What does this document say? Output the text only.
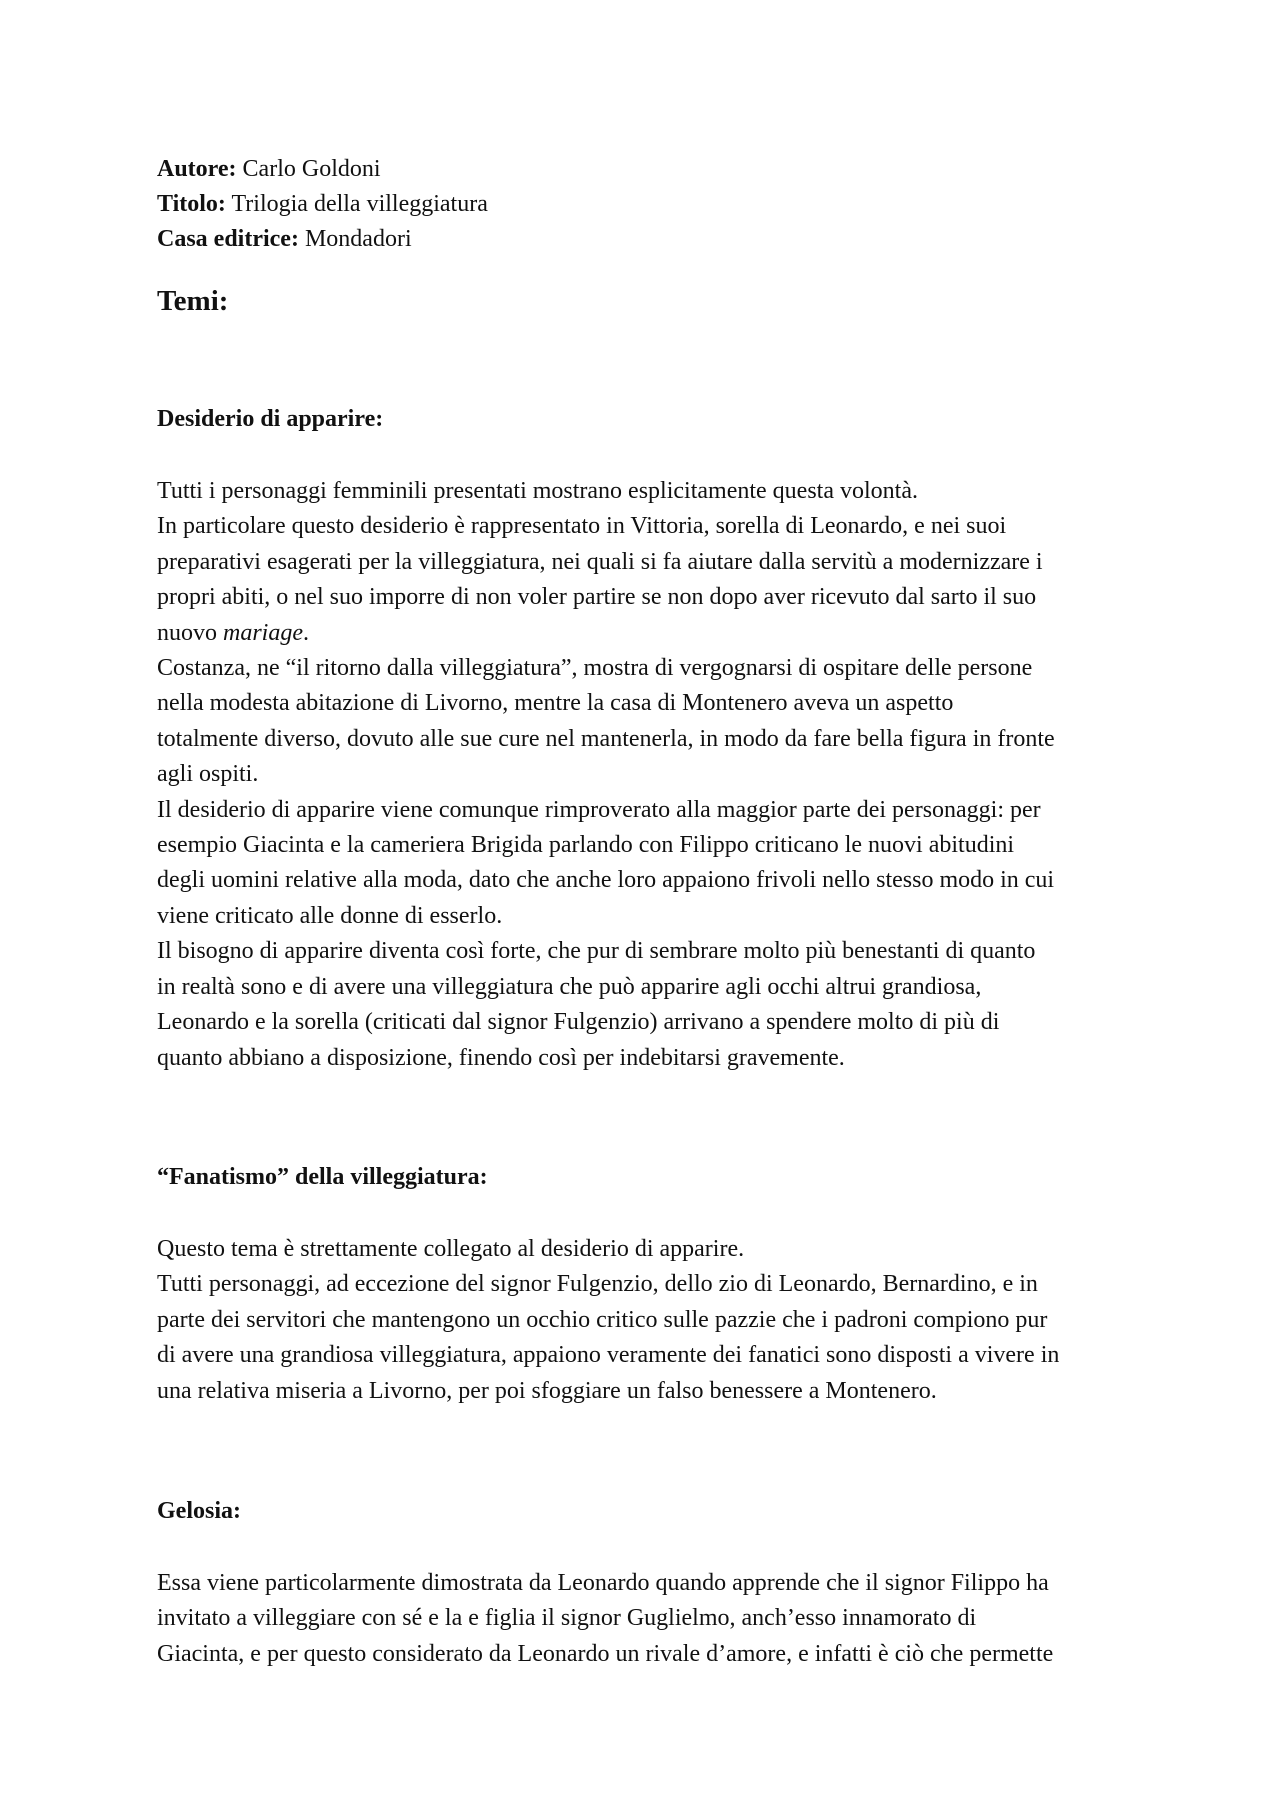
Autore: Carlo Goldoni

Titolo: Trilogia della villeggiatura

Casa editrice: Mondadori

Temi:
Desiderio di apparire:

Tutti i personaggi femminili presentati mostrano esplicitamente questa volontà.

In particolare questo desiderio è rappresentato in Vittoria, sorella di Leonardo, e nei suoi

preparativi esagerati per la villeggiatura, nei quali si fa aiutare dalla servitù a modernizzare i

propri abiti, o nel suo imporre di non voler partire se non dopo aver ricevuto dal sarto il suo

nuovo mariage.

Costanza, ne “il ritorno dalla villeggiatura”, mostra di vergognarsi di ospitare delle persone

nella modesta abitazione di Livorno, mentre la casa di Montenero aveva un aspetto

totalmente diverso, dovuto alle sue cure nel mantenerla, in modo da fare bella figura in fronte

agli ospiti.

Il desiderio di apparire viene comunque rimproverato alla maggior parte dei personaggi: per

esempio Giacinta e la cameriera Brigida parlando con Filippo criticano le nuovi abitudini

degli uomini relative alla moda, dato che anche loro appaiono frivoli nello stesso modo in cui

viene criticato alle donne di esserlo.

Il bisogno di apparire diventa così forte, che pur di sembrare molto più benestanti di quanto

in realtà sono e di avere una villeggiatura che può apparire agli occhi altrui grandiosa,

Leonardo e la sorella (criticati dal signor Fulgenzio) arrivano a spendere molto di più di

quanto abbiano a disposizione, finendo così per indebitarsi gravemente.

“Fanatismo” della villeggiatura:

Questo tema è strettamente collegato al desiderio di apparire.

Tutti personaggi, ad eccezione del signor Fulgenzio, dello zio di Leonardo, Bernardino, e in

parte dei servitori che mantengono un occhio critico sulle pazzie che i padroni compiono pur

di avere una grandiosa villeggiatura, appaiono veramente dei fanatici sono disposti a vivere in

una relativa miseria a Livorno, per poi sfoggiare un falso benessere a Montenero.

Gelosia:

Essa viene particolarmente dimostrata da Leonardo quando apprende che il signor Filippo ha

invitato a villeggiare con sé e la e figlia il signor Guglielmo, anch’esso innamorato di

Giacinta, e per questo considerato da Leonardo un rivale d’amore, e infatti è ciò che permette
